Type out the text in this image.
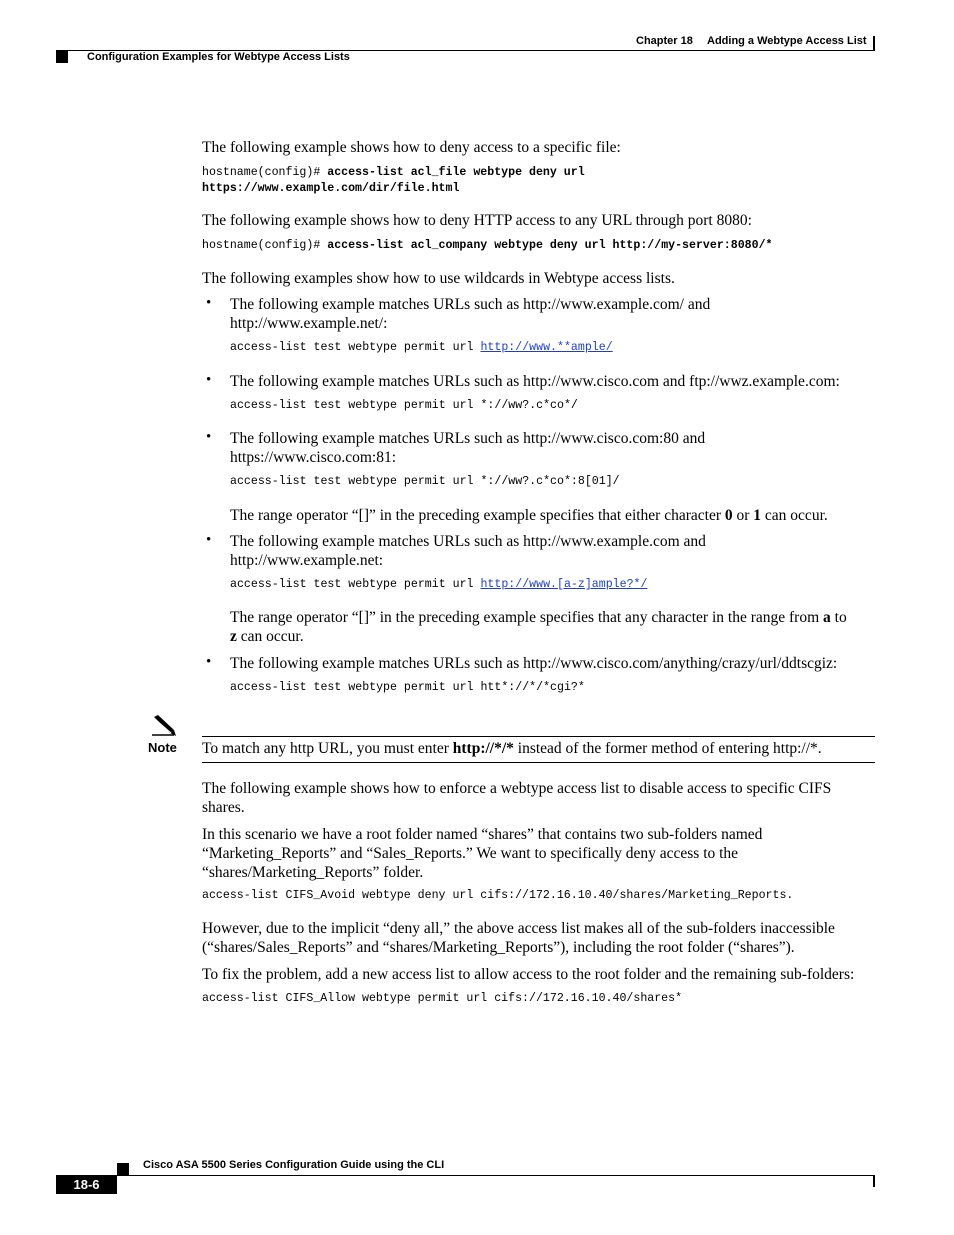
Chapter 18 Adding a Webtype Access List
Configuration Examples for Webtype Access Lists
The following example shows how to deny access to a specific file:
hostname(config)# access-list acl_file webtype deny url
https://www.example.com/dir/file.html
The following example shows how to deny HTTP access to any URL through port 8080:
hostname(config)# access-list acl_company webtype deny url http://my-server:8080/*
The following examples show how to use wildcards in Webtype access lists.
• The following example matches URLs such as http://www.example.com/ and
http://www.example.net/:
access-list test webtype permit url http://www.**ample/
• The following example matches URLs such as http://www.cisco.com and ftp://wwz.example.com:
access-list test webtype permit url *://ww?.c*co*/
• The following example matches URLs such as http://www.cisco.com:80 and
https://www.cisco.com:81:
access-list test webtype permit url *://ww?.c*co*:8[01]/
The range operator “[]” in the preceding example specifies that either character 0 or 1 can occur.
• The following example matches URLs such as http://www.example.com and
http://www.example.net:
access-list test webtype permit url http://www.[a-z]ample?*/
The range operator “[]” in the preceding example specifies that any character in the range from a to
z can occur.
• The following example matches URLs such as http://www.cisco.com/anything/crazy/url/ddtscgiz:
access-list test webtype permit url htt*://*/*cgi?*
Note To match any http URL, you must enter http://*/* instead of the former method of entering http://*.
The following example shows how to enforce a webtype access list to disable access to specific CIFS
shares.
In this scenario we have a root folder named “shares” that contains two sub-folders named
“Marketing_Reports” and “Sales_Reports.” We want to specifically deny access to the
“shares/Marketing_Reports” folder.
access-list CIFS_Avoid webtype deny url cifs://172.16.10.40/shares/Marketing_Reports.
However, due to the implicit “deny all,” the above access list makes all of the sub-folders inaccessible
(“shares/Sales_Reports” and “shares/Marketing_Reports”), including the root folder (“shares”).
To fix the problem, add a new access list to allow access to the root folder and the remaining sub-folders:
access-list CIFS_Allow webtype permit url cifs://172.16.10.40/shares*
Cisco ASA 5500 Series Configuration Guide using the CLI
18-6
